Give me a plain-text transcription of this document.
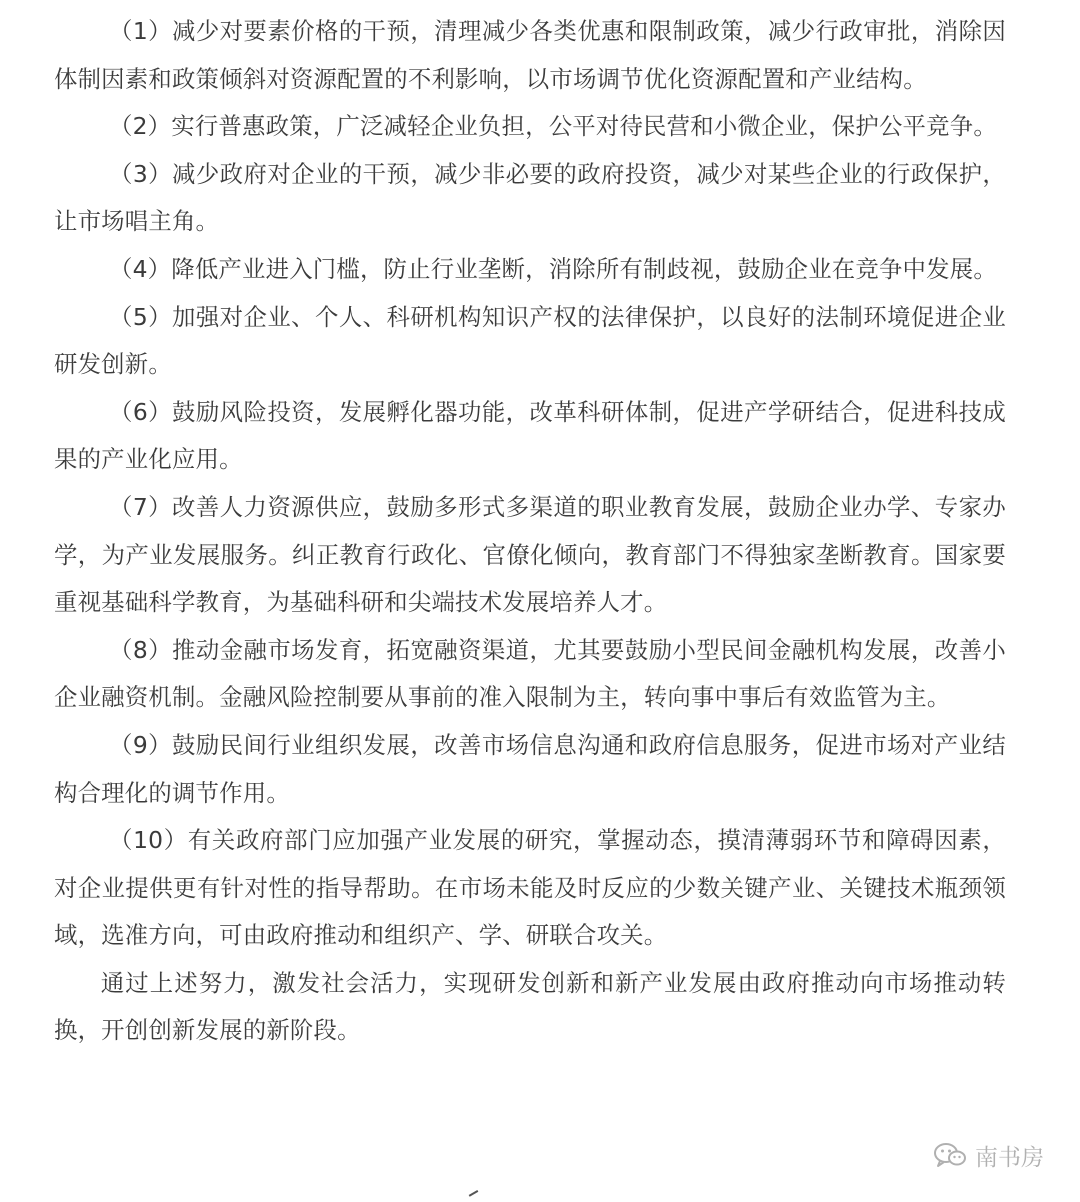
（1）减少对要素价格的干预，清理减少各类优惠和限制政策，减少行政审批，消除因体制因素和政策倾斜对资源配置的不利影响，以市场调节优化资源配置和产业结构。

（2）实行普惠政策，广泛减轻企业负担，公平对待民营和小微企业，保护公平竞争。

（3）减少政府对企业的干预，减少非必要的政府投资，减少对某些企业的行政保护，让市场唱主角。

（4）降低产业进入门槛，防止行业垄断，消除所有制歧视，鼓励企业在竞争中发展。

（5）加强对企业、个人、科研机构知识产权的法律保护，以良好的法制环境促进企业研发创新。

（6）鼓励风险投资，发展孵化器功能，改革科研体制，促进产学研结合，促进科技成果的产业化应用。

（7）改善人力资源供应，鼓励多形式多渠道的职业教育发展，鼓励企业办学、专家办学，为产业发展服务。纠正教育行政化、官僚化倾向，教育部门不得独家垄断教育。国家要重视基础科学教育，为基础科研和尖端技术发展培养人才。

（8）推动金融市场发育，拓宽融资渠道，尤其要鼓励小型民间金融机构发展，改善小企业融资机制。金融风险控制要从事前的准入限制为主，转向事中事后有效监管为主。

（9）鼓励民间行业组织发展，改善市场信息沟通和政府信息服务，促进市场对产业结构合理化的调节作用。

（10）有关政府部门应加强产业发展的研究，掌握动态，摸清薄弱环节和障碍因素，对企业提供更有针对性的指导帮助。在市场未能及时反应的少数关键产业、关键技术瓶颈领域，选准方向，可由政府推动和组织产、学、研联合攻关。

通过上述努力，激发社会活力，实现研发创新和新产业发展由政府推动向市场推动转换，开创创新发展的新阶段。

南书房
